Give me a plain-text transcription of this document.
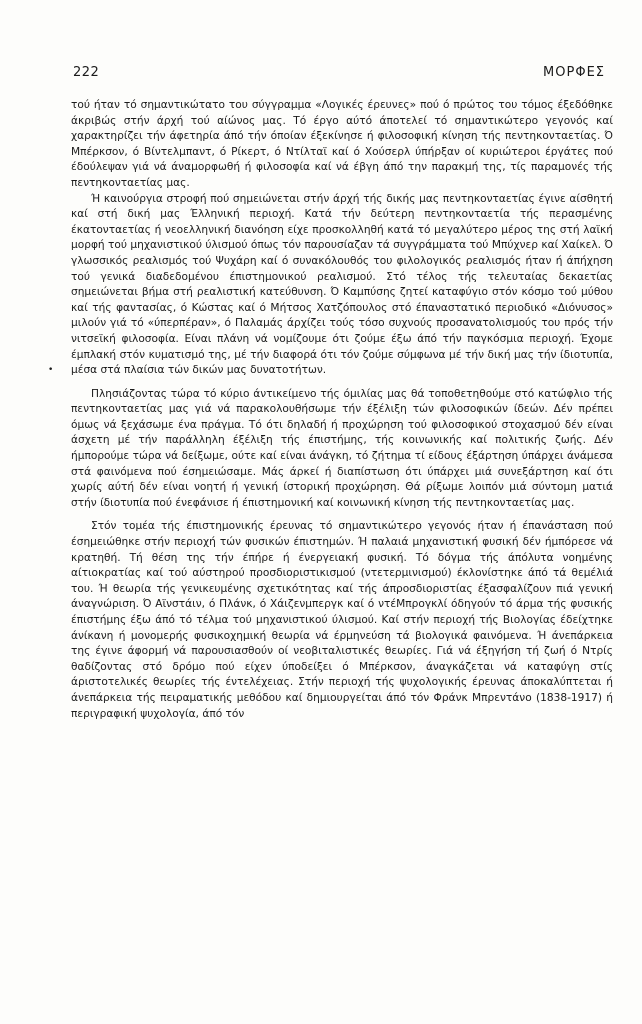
222	ΜΟΡΦΕΣ
•

τού ήταν τό σημαντικώτατο του σύγγραμμα «Λογικές έρευνες» πού ό πρώτος του τόμος έξεδόθηκε άκριβώς στήν άρχή τού αίώνος μας. Τό έργο αύτό άποτελεί τό σημαντικώτερο γεγονός καί χαρακτηρίζει τήν άφετηρία άπό τήν όποίαν έξεκίνησε ή φιλοσοφική κίνηση τής πεντηκονταετίας. Ό Μπέρκσον, ό Βίντελμπαντ, ό Ρίκερτ, ό Ντίλταϊ καί ό Χούσερλ ύπήρξαν οί κυριώτεροι έργάτες πού έδούλεψαν γιά νά άναμορφωθή ή φιλοσοφία καί νά έβγη άπό την παρακμή της, τίς παραμονές τής πεντηκονταετίας μας.

Ή καινούργια στροφή πού σημειώνεται στήν άρχή τής δικής μας πεντηκονταετίας έγινε αίσθητή καί στή δική μας Έλληνική περιοχή. Κατά τήν δεύτερη πεντηκονταετία τής περασμένης έκατονταετίας ή νεοελληνική διανόηση είχε προσκολληθή κατά τό μεγαλύτερο μέρος της στή λαϊκή μορφή τού μηχανιστικού ύλισμού όπως τόν παρουσίαζαν τά συγγράμματα τού Μπύχνερ καί Χαίκελ. Ό γλωσσικός ρεαλισμός τού Ψυχάρη καί ό συνακόλουθός του φιλολογικός ρεαλισμός ήταν ή άπήχηση τού γενικά διαδεδομένου έπιστημονικού ρεαλισμού. Στό τέλος τής τελευταίας δεκαετίας σημειώνεται βήμα στή ρεαλιστική κατεύθυνση. Ό Καμπύσης ζητεί καταφύγιο στόν κόσμο τού μύθου καί τής φαντασίας, ό Κώστας καί ό Μήτσος Χατζόπουλος στό έπαναστατικό περιοδικό «Διόνυσος» μιλούν γιά τό «ύπερπέραν», ό Παλαμάς άρχίζει τούς τόσο συχνούς προσανατολισμούς του πρός τήν νιτσεϊκή φιλοσοφία. Είναι πλάνη νά νομίζουμε ότι ζούμε έξω άπό τήν παγκόσμια περιοχή. Έχομε έμπλακή στόν κυματισμό της, μέ τήν διαφορά ότι τόν ζούμε σύμφωνα μέ τήν δική μας τήν ίδιοτυπία, μέσα στά πλαίσια τών δικών μας δυνατοτήτων.

Πλησιάζοντας τώρα τό κύριο άντικείμενο τής όμιλίας μας θά τοποθετηθούμε στό κατώφλιο τής πεντηκονταετίας μας γιά νά παρακολουθήσωμε τήν έξέλιξη τών φιλοσοφικών ίδεών. Δέν πρέπει όμως νά ξεχάσωμε ένα πράγμα. Τό ότι δηλαδή ή προχώρηση τού φιλοσοφικού στοχασμού δέν είναι άσχετη μέ τήν παράλληλη έξέλιξη τής έπιστήμης, τής κοινωνικής καί πολιτικής ζωής. Δέν ήμπορούμε τώρα νά δείξωμε, ούτε καί είναι άνάγκη, τό ζήτημα τί είδους έξάρτηση ύπάρχει άνάμεσα στά φαινόμενα πού έσημειώσαμε. Μάς άρκεί ή διαπίστωση ότι ύπάρχει μιά συνεξάρτηση καί ότι χωρίς αύτή δέν είναι νοητή ή γενική ίστορική προχώρηση. Θά ρίξωμε λοιπόν μιά σύντομη ματιά στήν ίδιοτυπία πού ένεφάνισε ή έπιστημονική καί κοινωνική κίνηση τής πεντηκονταετίας μας.

Στόν τομέα τής έπιστημονικής έρευνας τό σημαντικώτερο γεγονός ήταν ή έπανάσταση πού έσημειώθηκε στήν περιοχή τών φυσικών έπιστημών. Ή παλαιά μηχανιστική φυσική δέν ήμπόρεσε νά κρατηθή. Τή θέση της τήν έπήρε ή ένεργειακή φυσική. Τό δόγμα τής άπόλυτα νοημένης αίτιοκρατίας καί τού αύστηρού προσδιοριστικισμού (ντετερμινισμού) έκλονίστηκε άπό τά θεμέλιά του. Ή θεωρία τής γενικευμένης σχετικότητας καί τής άπροσδιοριστίας έξασφαλίζουν πιά γενική άναγνώριση. Ό Αϊνστάιν, ό Πλάνκ, ό Χάιζενμπεργκ καί ό ντέΜπρογκλί όδηγούν τό άρμα τής φυσικής έπιστήμης έξω άπό τό τέλμα τού μηχανιστικού ύλισμού. Καί στήν περιοχή τής Βιολογίας έδείχτηκε άνίκανη ή μονομερής φυσικοχημική θεωρία νά έρμηνεύση τά βιολογικά φαινόμενα. Ή άνεπάρκεια της έγινε άφορμή νά παρουσιασθούν οί νεοβιταλιστικές θεωρίες. Γιά νά έξηγήση τή ζωή ό Ντρίς θαδίζοντας στό δρόμο πού είχεν ύποδείξει ό Μπέρκσον, άναγκάζεται νά καταφύγη στίς άριστοτελικές θεωρίες τής έντελέχειας. Στήν περιοχή τής ψυχολογικής έρευνας άποκαλύπτεται ή άνεπάρκεια τής πειραματικής μεθόδου καί δημιουργείται άπό τόν Φράνκ Μπρεντάνο (1838-1917) ή περιγραφική ψυχολογία, άπό τόν
